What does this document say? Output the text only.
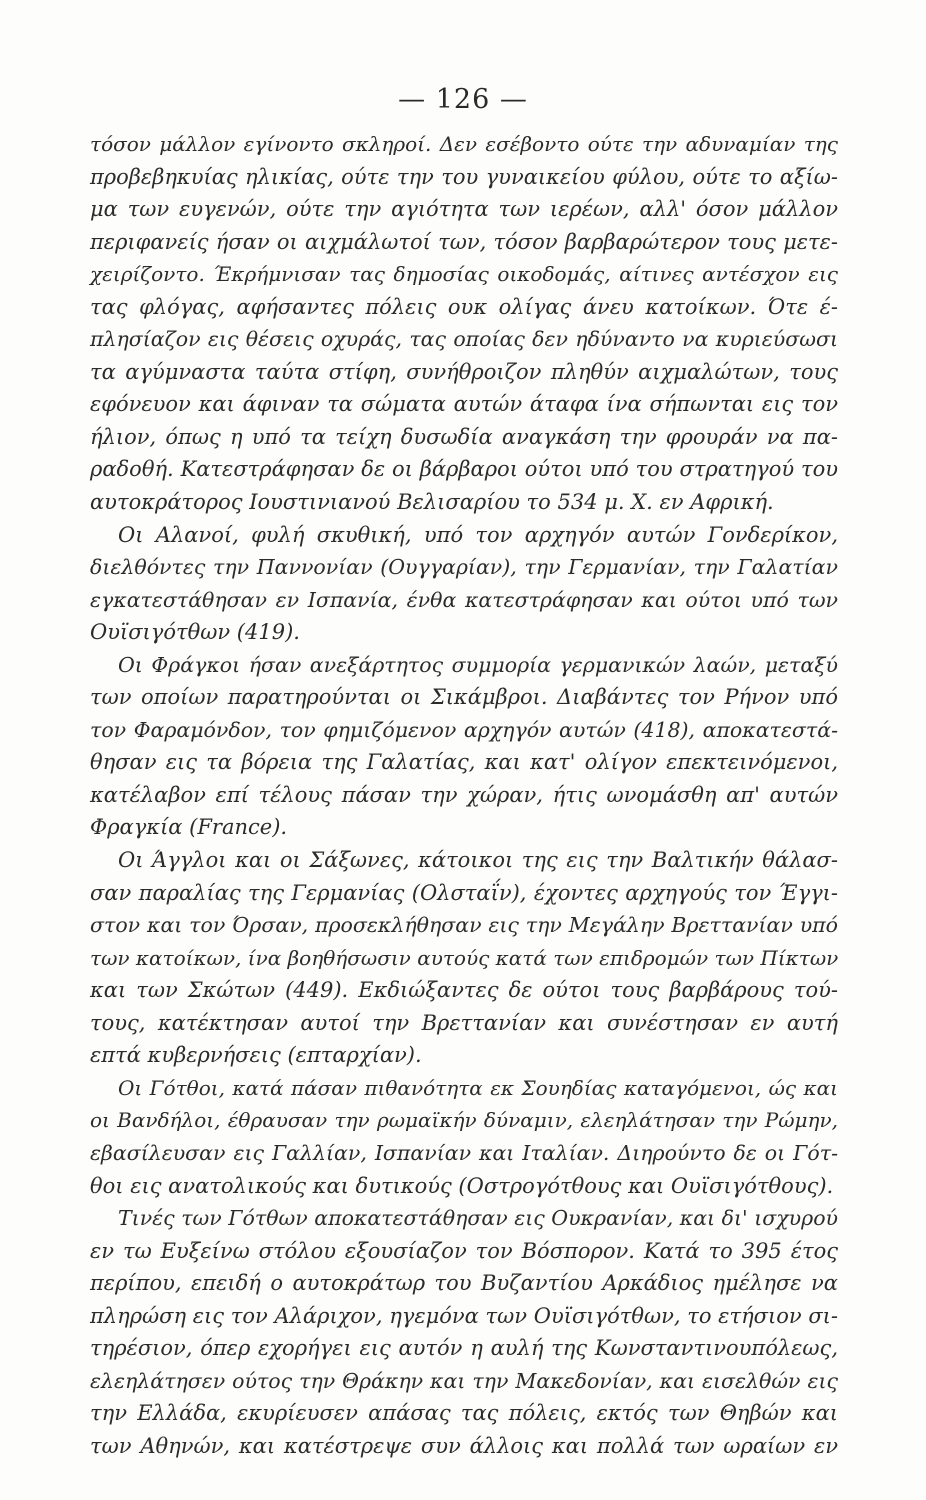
— 126 —
τόσον μάλλον εγίνοντο σκληροί. Δεν εσέβοντο ούτε την αδυναμίαν της
προβεβηκυίας ηλικίας, ούτε την του γυναικείου φύλου, ούτε το αξίω-
μα των ευγενών, ούτε την αγιότητα των ιερέων, αλλ' όσον μάλλον
περιφανείς ήσαν οι αιχμάλωτοί των, τόσον βαρβαρώτερον τους μετε-
χειρίζοντο. Έκρήμνισαν τας δημοσίας οικοδομάς, αίτινες αντέσχον εις
τας φλόγας, αφήσαντες πόλεις ουκ ολίγας άνευ κατοίκων. Ότε έ-
πλησίαζον εις θέσεις οχυράς, τας οποίας δεν ηδύναντο να κυριεύσωσι
τα αγύμναστα ταύτα στίφη, συνήθροιζον πληθύν αιχμαλώτων, τους
εφόνευον και άφιναν τα σώματα αυτών άταφα ίνα σήπωνται εις τον
ήλιον, όπως η υπό τα τείχη δυσωδία αναγκάση την φρουράν να πα-
ραδοθή. Κατεστράφησαν δε οι βάρβαροι ούτοι υπό του στρατηγού του
αυτοκράτορος Ιουστινιανού Βελισαρίου το 534 μ. Χ. εν Αφρική.
Οι Αλανοί, φυλή σκυθική, υπό τον αρχηγόν αυτών Γονδερίκον,
διελθόντες την Παννονίαν (Ουγγαρίαν), την Γερμανίαν, την Γαλατίαν
εγκατεστάθησαν εν Ισπανία, ένθα κατεστράφησαν και ούτοι υπό των
Ουϊσιγότθων (419).
Οι Φράγκοι ήσαν ανεξάρτητος συμμορία γερμανικών λαών, μεταξύ
των οποίων παρατηρούνται οι Σικάμβροι. Διαβάντες τον Ρήνον υπό
τον Φαραμόνδον, τον φημιζόμενον αρχηγόν αυτών (418), αποκατεστά-
θησαν εις τα βόρεια της Γαλατίας, και κατ' ολίγον επεκτεινόμενοι,
κατέλαβον επί τέλους πάσαν την χώραν, ήτις ωνομάσθη απ' αυτών
Φραγκία (France).
Οι Άγγλοι και οι Σάξωνες, κάτοικοι της εις την Βαλτικήν θάλασ-
σαν παραλίας της Γερμανίας (Ολσταΐν), έχοντες αρχηγούς τον Έγγι-
στον και τον Όρσαν, προσεκλήθησαν εις την Μεγάλην Βρεττανίαν υπό
των κατοίκων, ίνα βοηθήσωσιν αυτούς κατά των επιδρομών των Πίκτων
και των Σκώτων (449). Εκδιώξαντες δε ούτοι τους βαρβάρους τού-
τους, κατέκτησαν αυτοί την Βρεττανίαν και συνέστησαν εν αυτή
επτά κυβερνήσεις (επταρχίαν).
Οι Γότθοι, κατά πάσαν πιθανότητα εκ Σουηδίας καταγόμενοι, ώς και
οι Βανδήλοι, έθραυσαν την ρωμαϊκήν δύναμιν, ελεηλάτησαν την Ρώμην,
εβασίλευσαν εις Γαλλίαν, Ισπανίαν και Ιταλίαν. Διηρούντο δε οι Γότ-
θοι εις ανατολικούς και δυτικούς (Οστρογότθους και Ουϊσιγότθους).
Τινές των Γότθων αποκατεστάθησαν εις Ουκρανίαν, και δι' ισχυρού
εν τω Ευξείνω στόλου εξουσίαζον τον Βόσπορον. Κατά το 395 έτος
περίπου, επειδή ο αυτοκράτωρ του Βυζαντίου Αρκάδιος ημέλησε να
πληρώση εις τον Αλάριχον, ηγεμόνα των Ουϊσιγότθων, το ετήσιον σι-
τηρέσιον, όπερ εχορήγει εις αυτόν η αυλή της Κωνσταντινουπόλεως,
ελεηλάτησεν ούτος την Θράκην και την Μακεδονίαν, και εισελθών εις
την Ελλάδα, εκυρίευσεν απάσας τας πόλεις, εκτός των Θηβών και
των Αθηνών, και κατέστρεψε συν άλλοις και πολλά των ωραίων εν
